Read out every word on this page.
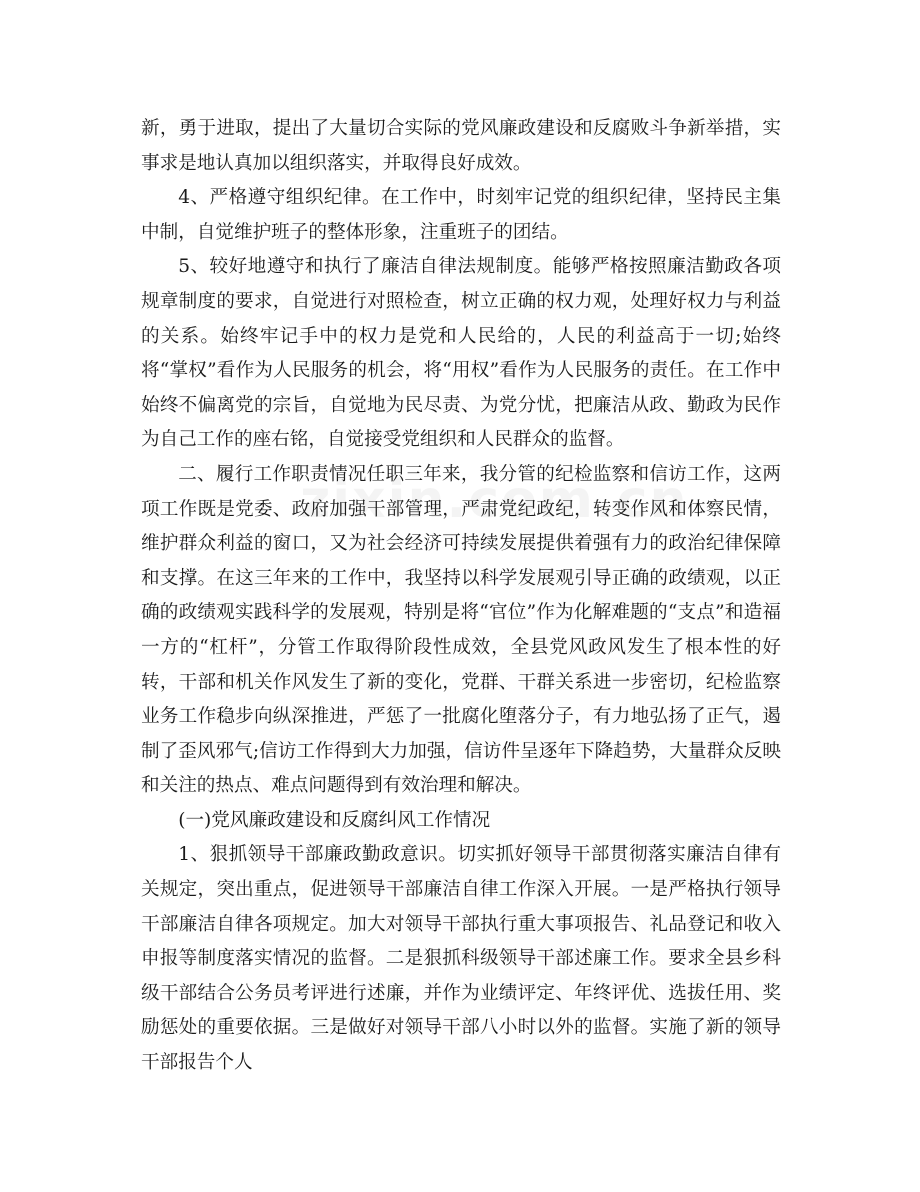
新，勇于进取，提出了大量切合实际的党风廉政建设和反腐败斗争新举措，实事求是地认真加以组织落实，并取得良好成效。

4、严格遵守组织纪律。在工作中，时刻牢记党的组织纪律，坚持民主集中制，自觉维护班子的整体形象，注重班子的团结。

5、较好地遵守和执行了廉洁自律法规制度。能够严格按照廉洁勤政各项规章制度的要求，自觉进行对照检查，树立正确的权力观，处理好权力与利益的关系。始终牢记手中的权力是党和人民给的，人民的利益高于一切;始终将“掌权”看作为人民服务的机会，将“用权”看作为人民服务的责任。在工作中始终不偏离党的宗旨，自觉地为民尽责、为党分忧，把廉洁从政、勤政为民作为自己工作的座右铭，自觉接受党组织和人民群众的监督。

二、履行工作职责情况任职三年来，我分管的纪检监察和信访工作，这两项工作既是党委、政府加强干部管理，严肃党纪政纪，转变作风和体察民情，维护群众利益的窗口，又为社会经济可持续发展提供着强有力的政治纪律保障和支撑。在这三年来的工作中，我坚持以科学发展观引导正确的政绩观，以正确的政绩观实践科学的发展观，特别是将“官位”作为化解难题的“支点”和造福一方的“杠杆”，分管工作取得阶段性成效，全县党风政风发生了根本性的好转，干部和机关作风发生了新的变化，党群、干群关系进一步密切，纪检监察业务工作稳步向纵深推进，严惩了一批腐化堕落分子，有力地弘扬了正气，遏制了歪风邪气;信访工作得到大力加强，信访件呈逐年下降趋势，大量群众反映和关注的热点、难点问题得到有效治理和解决。

(一)党风廉政建设和反腐纠风工作情况

1、狠抓领导干部廉政勤政意识。切实抓好领导干部贯彻落实廉洁自律有关规定，突出重点，促进领导干部廉洁自律工作深入开展。一是严格执行领导干部廉洁自律各项规定。加大对领导干部执行重大事项报告、礼品登记和收入申报等制度落实情况的监督。二是狠抓科级领导干部述廉工作。要求全县乡科级干部结合公务员考评进行述廉，并作为业绩评定、年终评优、选拔任用、奖励惩处的重要依据。三是做好对领导干部八小时以外的监督。实施了新的领导干部报告个人
